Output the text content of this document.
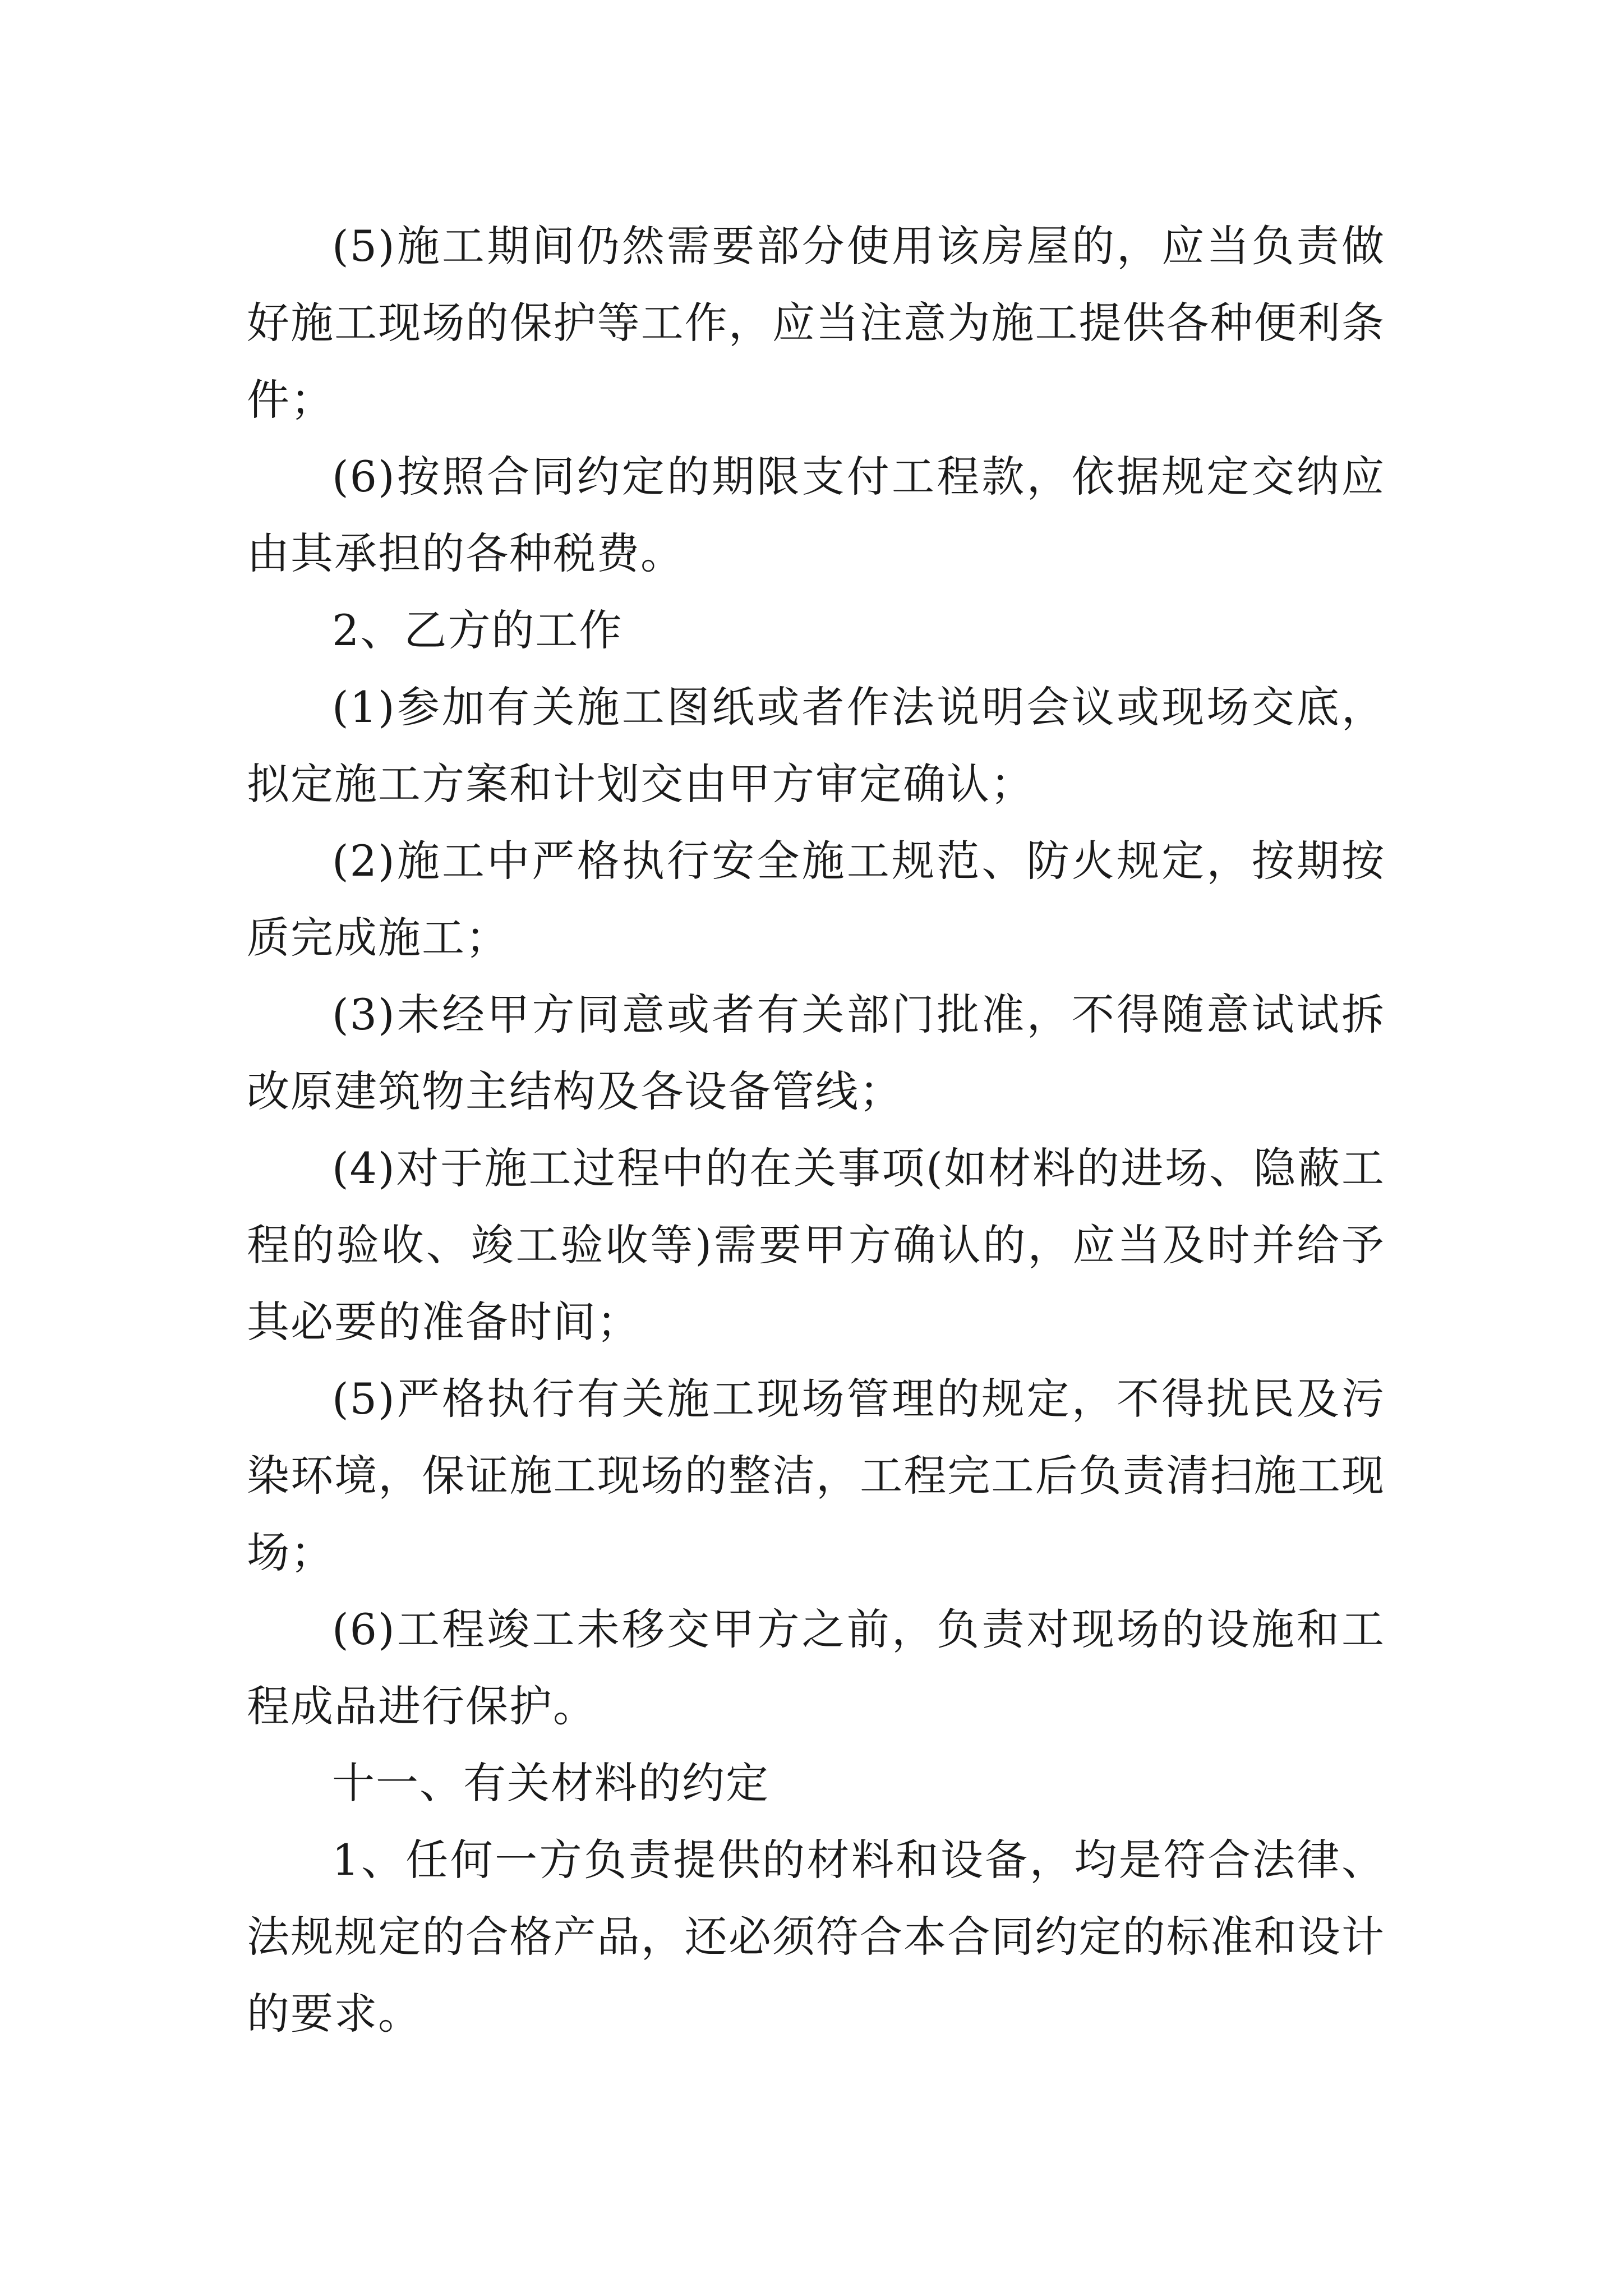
(5)施工期间仍然需要部分使用该房屋的，应当负责做好施工现场的保护等工作，应当注意为施工提供各种便利条件；

(6)按照合同约定的期限支付工程款，依据规定交纳应由其承担的各种税费。

2、乙方的工作

(1)参加有关施工图纸或者作法说明会议或现场交底，拟定施工方案和计划交由甲方审定确认；

(2)施工中严格执行安全施工规范、防火规定，按期按质完成施工；

(3)未经甲方同意或者有关部门批准，不得随意试试拆改原建筑物主结构及各设备管线；

(4)对于施工过程中的在关事项(如材料的进场、隐蔽工程的验收、竣工验收等)需要甲方确认的，应当及时并给予其必要的准备时间；

(5)严格执行有关施工现场管理的规定，不得扰民及污染环境，保证施工现场的整洁，工程完工后负责清扫施工现场；

(6)工程竣工未移交甲方之前，负责对现场的设施和工程成品进行保护。

十一、有关材料的约定

1、任何一方负责提供的材料和设备，均是符合法律、法规规定的合格产品，还必须符合本合同约定的标准和设计的要求。
